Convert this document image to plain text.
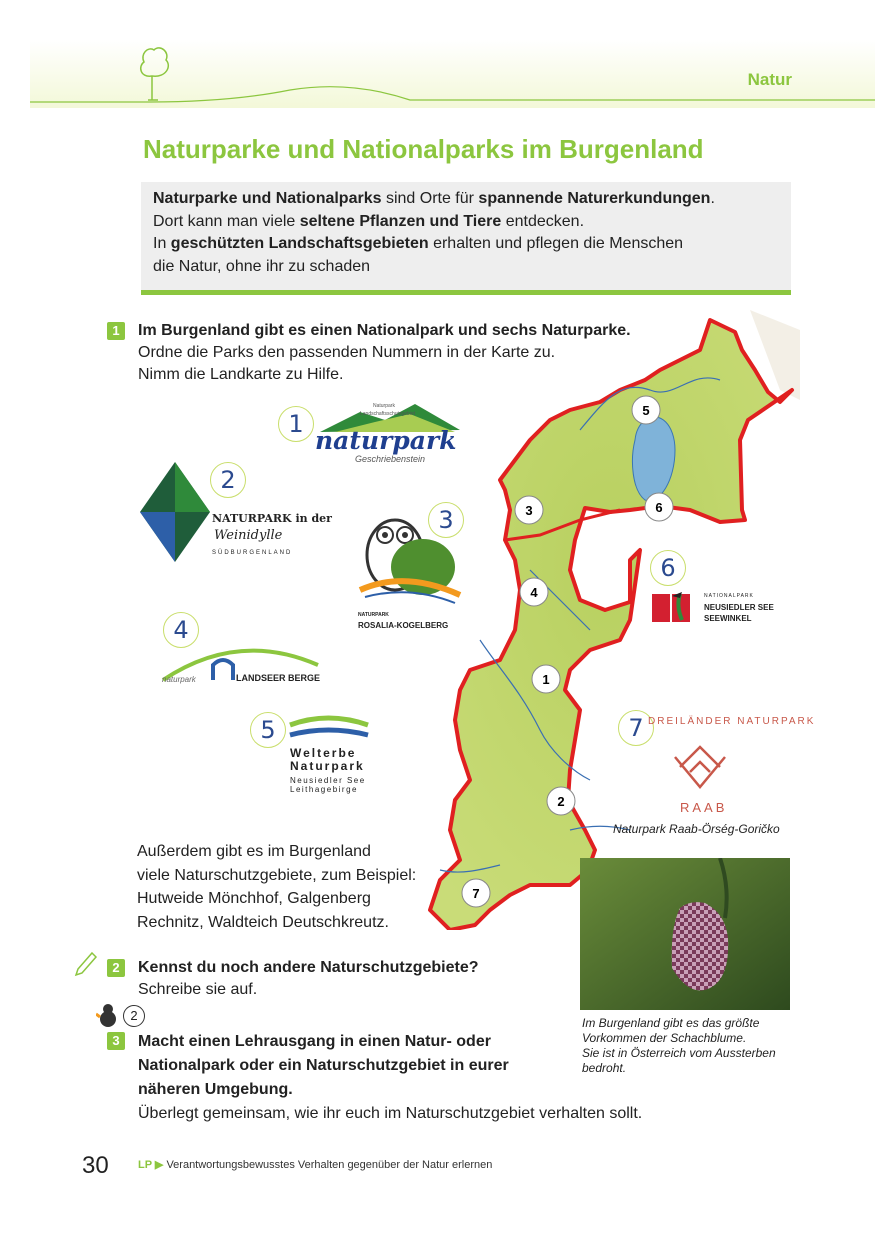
Natur
Naturparke und Nationalparks im Burgenland

Naturparke und Nationalparks sind Orte für spannende Naturerkundungen.

Dort kann man viele seltene Pflanzen und Tiere entdecken.

In geschützten Landschaftsgebieten erhalten und pflegen die Menschen

die Natur, ohne ihr zu schaden

1	Im Burgenland gibt es einen Nationalpark und sechs Naturparke.
Ordne die Parks den passenden Nummern in der Karte zu.
Nimm die Landkarte zu Hilfe.
5
3	6
4
1
2
7
1
Naturpark
Landschaftsschutzgebiet
naturpark
Geschriebenstein
2
NATURPARK in der
Weinidylle
SÜDBURGENLAND
3
NATURPARK
ROSALIA-KOGELBERG
4
naturpark	LANDSEER BERGE
5
Welterbe
Naturpark
Neusiedler See
Leithagebirge
6
NATIONALPARK
NEUSIEDLER SEE
SEEWINKEL
7 DREILÄNDER NATURPARK
RAAB
Naturpark Raab-Örség-Goričko
Außerdem gibt es im Burgenland
viele Naturschutzgebiete, zum Beispiel:
Hutweide Mönchhof, Galgenberg
Rechnitz, Waldteich Deutschkreutz.
Im Burgenland gibt es das größte
Vorkommen der Schachblume.
Sie ist in Österreich vom Aussterben
bedroht.
2	Kennst du noch andere Naturschutzgebiete?
Schreibe sie auf.
2
3	Macht einen Lehrausgang in einen Natur- oder
Nationalpark oder ein Naturschutzgebiet in eurer
näheren Umgebung.
Überlegt gemeinsam, wie ihr euch im Naturschutzgebiet verhalten sollt.
30	LP ▶ Verantwortungsbewusstes Verhalten gegenüber der Natur erlernen
